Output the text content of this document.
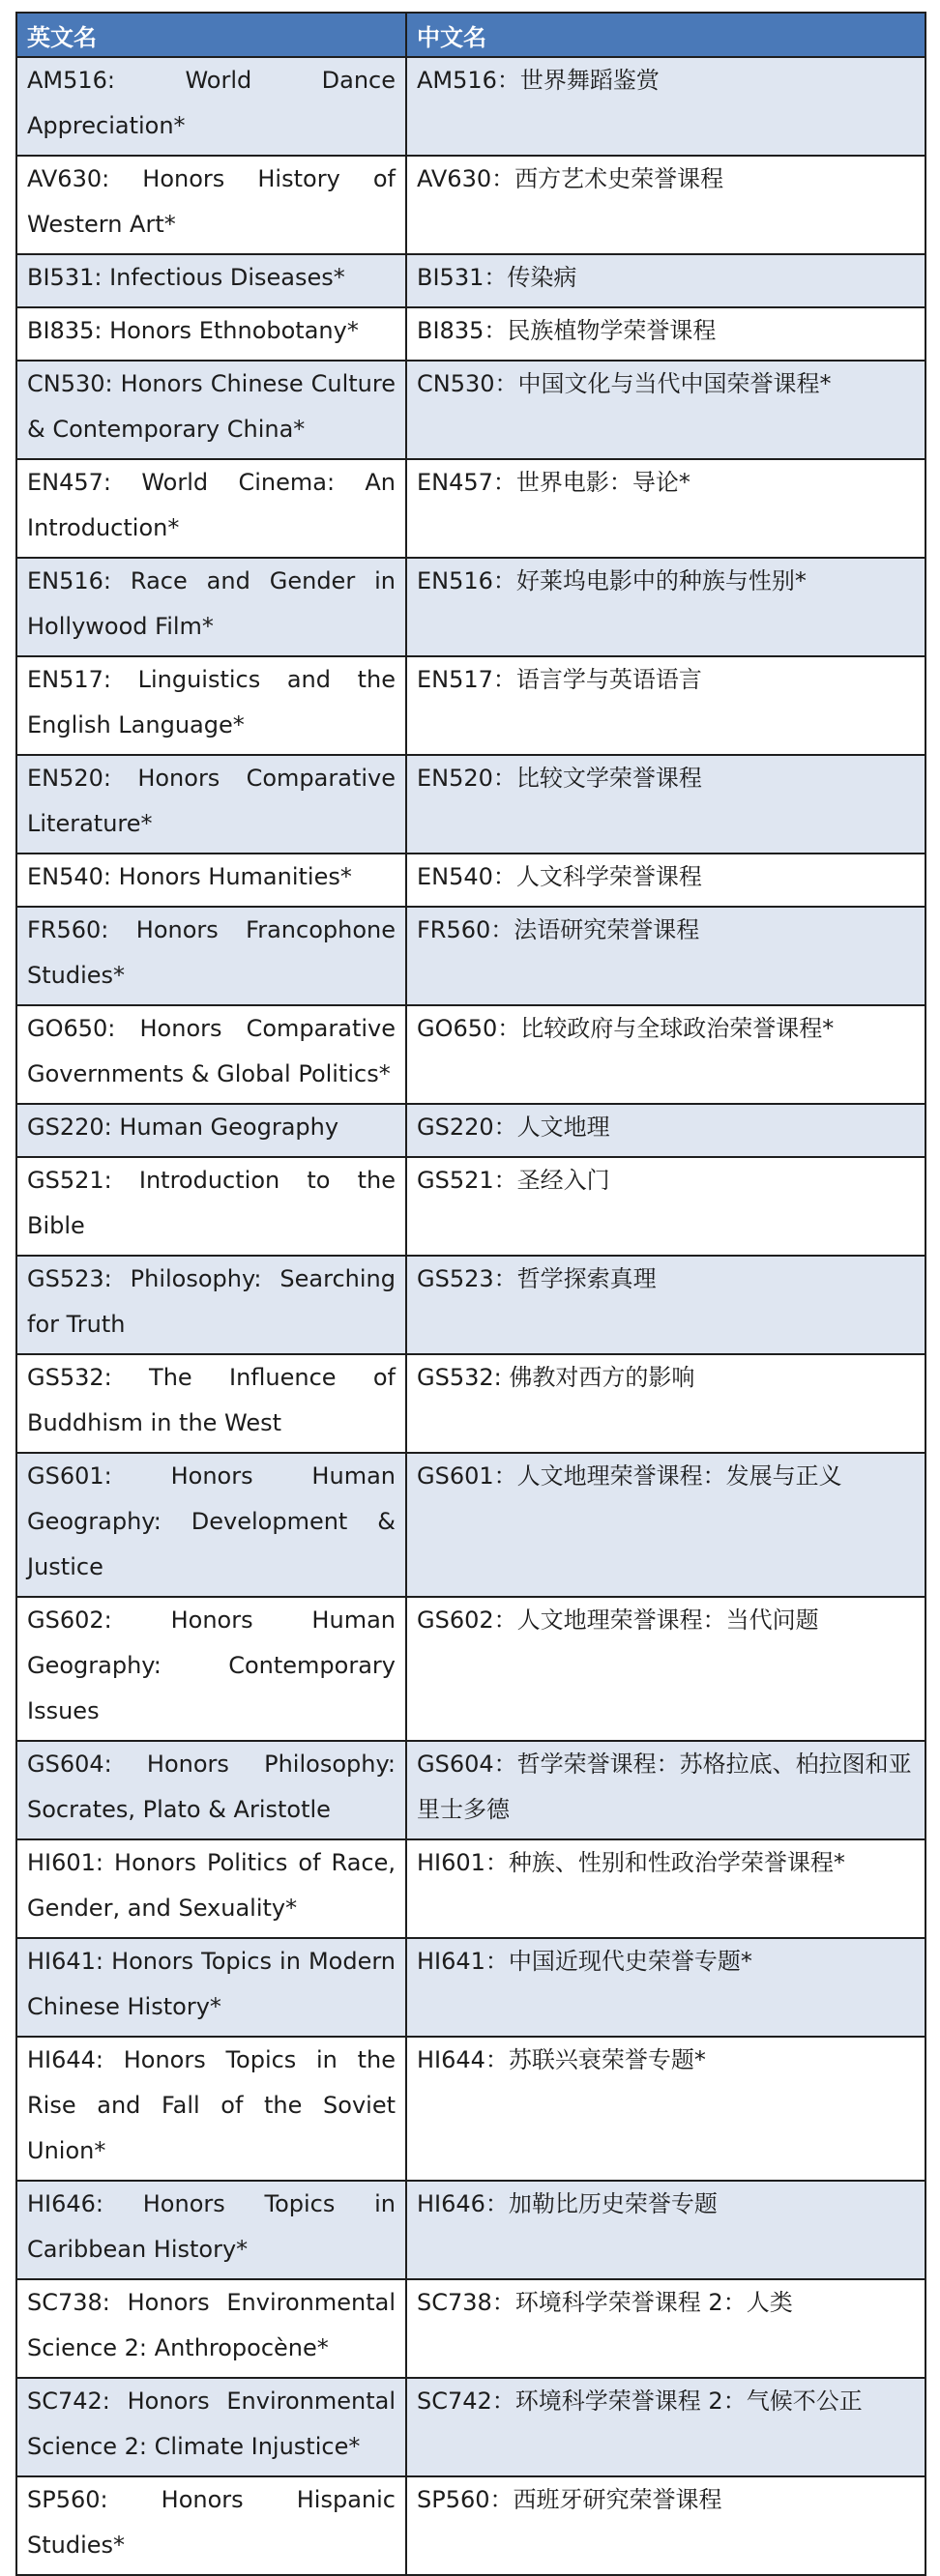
英文名	中文名
AM516: World Dance Appreciation*	AM516：世界舞蹈鉴赏
AV630: Honors History of Western Art*	AV630：西方艺术史荣誉课程
BI531: Infectious Diseases*	BI531：传染病
BI835: Honors Ethnobotany*	BI835：民族植物学荣誉课程
CN530: Honors Chinese Culture & Contemporary China*	CN530：中国文化与当代中国荣誉课程*
EN457: World Cinema: An Introduction*	EN457：世界电影：导论*
EN516: Race and Gender in Hollywood Film*	EN516：好莱坞电影中的种族与性别*
EN517: Linguistics and the English Language*	EN517：语言学与英语语言
EN520: Honors Comparative Literature*	EN520：比较文学荣誉课程
EN540: Honors Humanities*	EN540：人文科学荣誉课程
FR560: Honors Francophone Studies*	FR560：法语研究荣誉课程
GO650: Honors Comparative Governments & Global Politics*	GO650：比较政府与全球政治荣誉课程*
GS220: Human Geography	GS220：人文地理
GS521: Introduction to the Bible	GS521：圣经入门
GS523: Philosophy: Searching for Truth	GS523：哲学探索真理
GS532: The Influence of Buddhism in the West	GS532: 佛教对西方的影响
GS601: Honors Human Geography: Development & Justice	GS601：人文地理荣誉课程：发展与正义
GS602: Honors Human Geography: Contemporary Issues	GS602：人文地理荣誉课程：当代问题
GS604: Honors Philosophy: Socrates, Plato & Aristotle	GS604：哲学荣誉课程：苏格拉底、柏拉图和亚里士多德
HI601: Honors Politics of Race, Gender, and Sexuality*	HI601：种族、性别和性政治学荣誉课程*
HI641: Honors Topics in Modern Chinese History*	HI641：中国近现代史荣誉专题*
HI644: Honors Topics in the Rise and Fall of the Soviet Union*	HI644：苏联兴衰荣誉专题*
HI646: Honors Topics in Caribbean History*	HI646：加勒比历史荣誉专题
SC738: Honors Environmental Science 2: Anthropocène*	SC738：环境科学荣誉课程 2：人类
SC742: Honors Environmental Science 2: Climate Injustice*	SC742：环境科学荣誉课程 2：气候不公正
SP560: Honors Hispanic Studies*	SP560：西班牙研究荣誉课程
